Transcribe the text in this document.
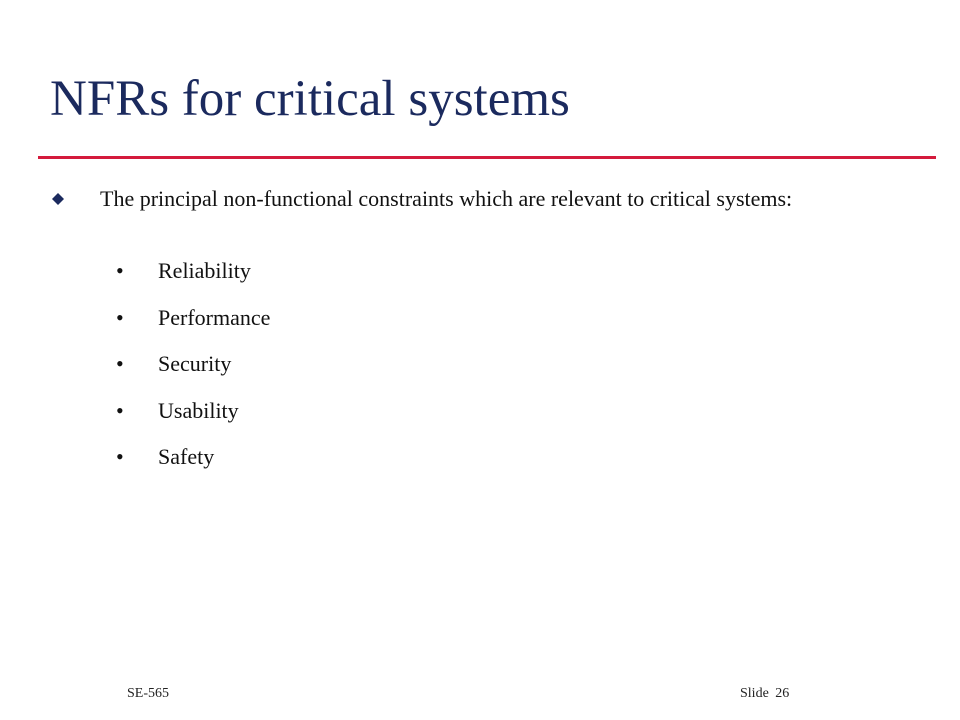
NFRs for critical systems
The principal non-functional constraints which are relevant to critical systems:
•	Reliability
•	Performance
•	Security
•	Usability
•	Safety
SE-565	Slide 26
